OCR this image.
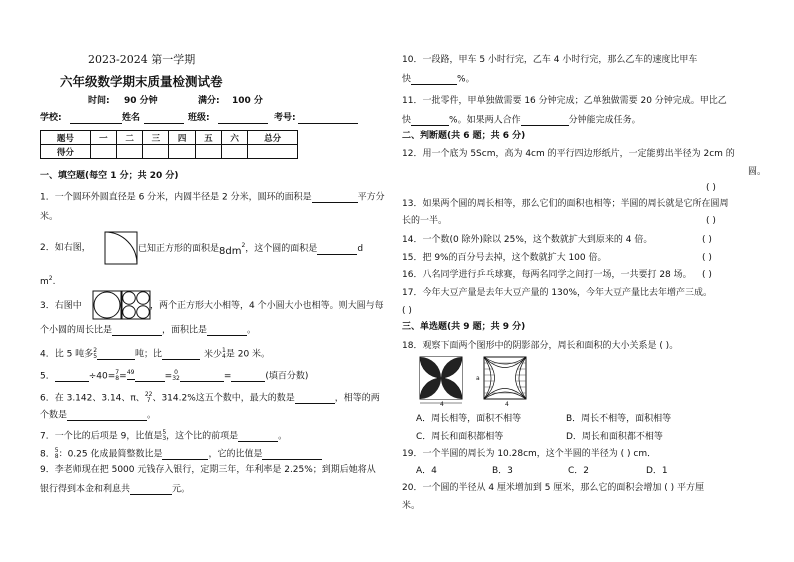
2023-2024 第一学期
六年级数学期末质量检测试卷
时间: 90 分钟	满分: 100 分
学校:	姓名	班级:	考号:
题号	一	二	三	四	五	六	总分
得分							
一、填空题(每空 1 分；共 20 分)
1．一个圆环外圆直径是 6 分米，内圆半径是 2 分米，圆环的面积是	平方分
米。
2．如右图，	已知正方形的面积是$8dm^2$，这个圆的面积是	d
$m^2$.
3．右图中	，两个正方形大小相等，4 个小圆大小也相等。则大圆与每
个小圆的周长比是	，面积比是	。
4．比 5 吨多2
5	吨；比	米少1
4是 20 米。
5．	÷40=7
8=49	= 0
32	=	(填百分数)
6．在 3.142、3.14、π、22
7 、314.2%这五个数中，最大的数是	，相等的两
个数是	。
7．一个比的后项是 9，比值是5
3，这个比的前项是	。
8．5
8：0.25 化成最简整数比是	，它的比值是
9．李老师现在把 5000 元钱存入银行，定期三年，年利率是 2.25%；到期后她将从
银行得到本金和利息共	元。
10．一段路，甲车 5 小时行完，乙车 4 小时行完，那么乙车的速度比甲车
快	%。
11．一批零件，甲单独做需要 16 分钟完成；乙单独做需要 20 分钟完成。甲比乙
快	%。如果两人合作	分钟能完成任务。
二、判断题(共 6 题；共 6 分)
12．用一个底为 5Scm，高为 4cm 的平行四边形纸片，一定能剪出半径为 2cm 的
圆。
( )
13．如果两个圆的周长相等，那么它们的面积也相等；半圆的周长就是它所在圆周
长的一半。	( )
14．一个数(0 除外)除以 25%，这个数就扩大到原来的 4 倍。	( )
15．把 9%的百分号去掉，这个数就扩大 100 倍。	( )
16．八名同学进行乒乓球赛，每两名同学之间打一场，一共要打 28 场。 ( )
17．今年大豆产量是去年大豆产量的 130%，今年大豆产量比去年增产三成。
( )
三、单选题(共 9 题；共 9 分)
18．观察下面两个图形中的阴影部分，周长和面积的大小关系是 ( )。
4
a
4
A．周长相等，面积不相等	B．周长不相等，面积相等
C．周长和面积都相等	D．周长和面积都不相等
19．一个半圆的周长为 10.28cm，这个半圆的半径为 ( ) cm．
A．4	B．3	C．2	D．1
20．一个圆的半径从 4 厘米增加到 5 厘米，那么它的面积会增加 ( ) 平方厘
米。
